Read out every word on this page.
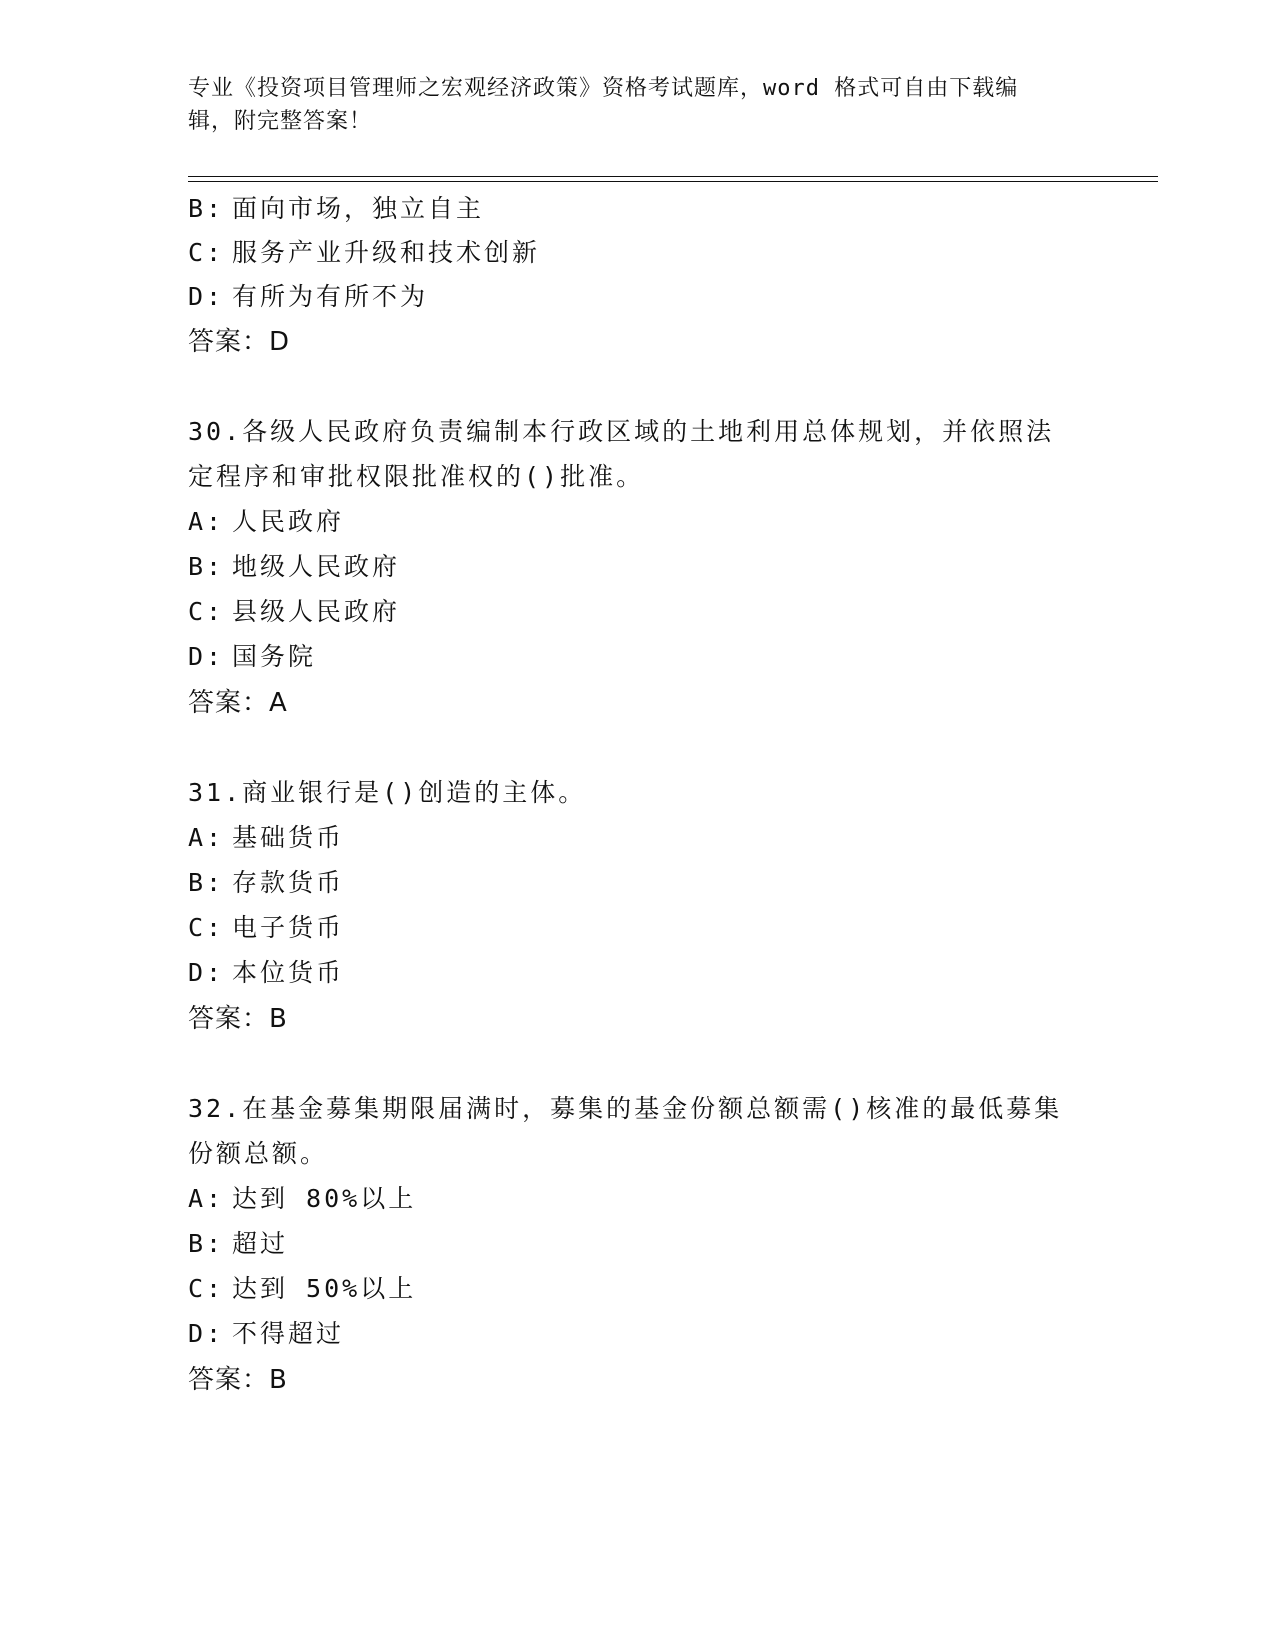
专业《投资项目管理师之宏观经济政策》资格考试题库，word 格式可自由下载编
辑，附完整答案！
B: 面向市场，独立自主
C: 服务产业升级和技术创新
D: 有所为有所不为
答案：D
30.各级人民政府负责编制本行政区域的土地利用总体规划，并依照法
定程序和审批权限批准权的()批准。
A: 人民政府
B: 地级人民政府
C: 县级人民政府
D: 国务院
答案：A
31.商业银行是()创造的主体。
A: 基础货币
B: 存款货币
C: 电子货币
D: 本位货币
答案：B
32.在基金募集期限届满时，募集的基金份额总额需()核准的最低募集
份额总额。
A: 达到 80%以上
B: 超过
C: 达到 50%以上
D: 不得超过
答案：B
